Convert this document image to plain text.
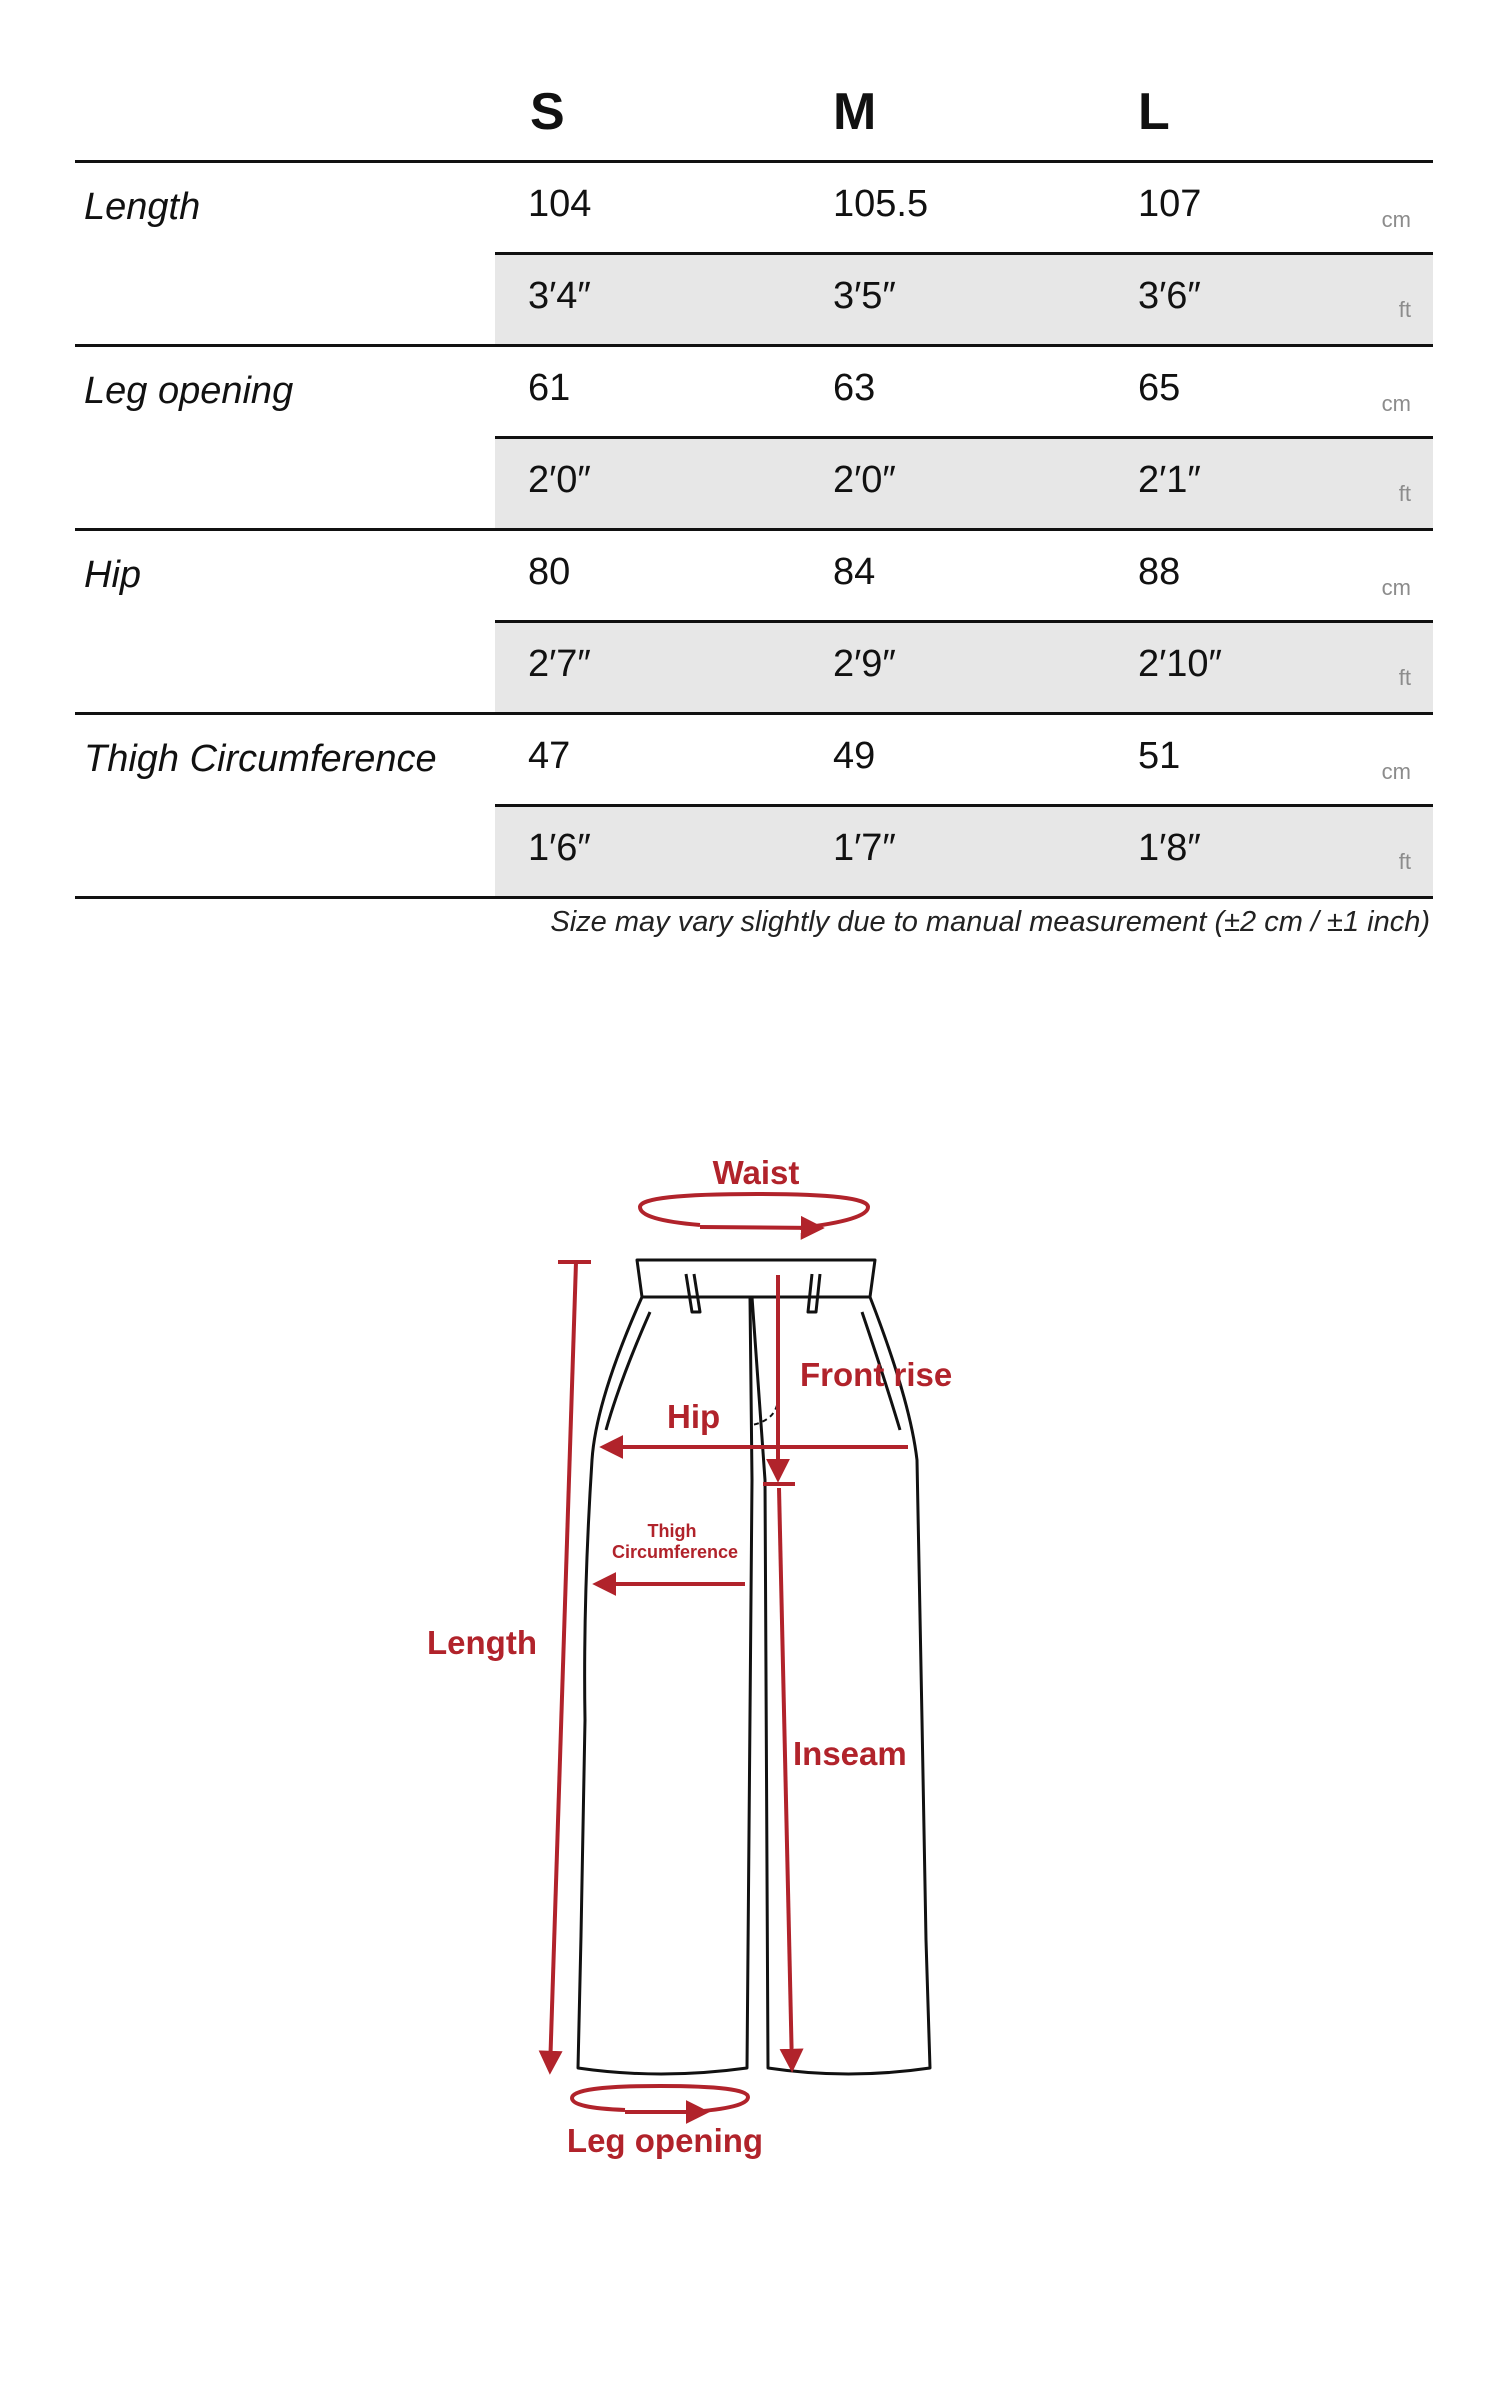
S	M	L
Length	104	105.5	107	cm
3′4″	3′5″	3′6″	ft
Leg opening	61	63	65	cm
2′0″	2′0″	2′1″	ft
Hip	80	84	88	cm
2′7″	2′9″	2′10″	ft
Thigh Circumference 47	49	51	cm
1′6″	1′7″	1′8″	ft
Size may vary slightly due to manual measurement (±2 cm / ±1 inch)
Waist
Front rise
Hip
Thigh
Circumference
Length
Inseam
Leg opening
